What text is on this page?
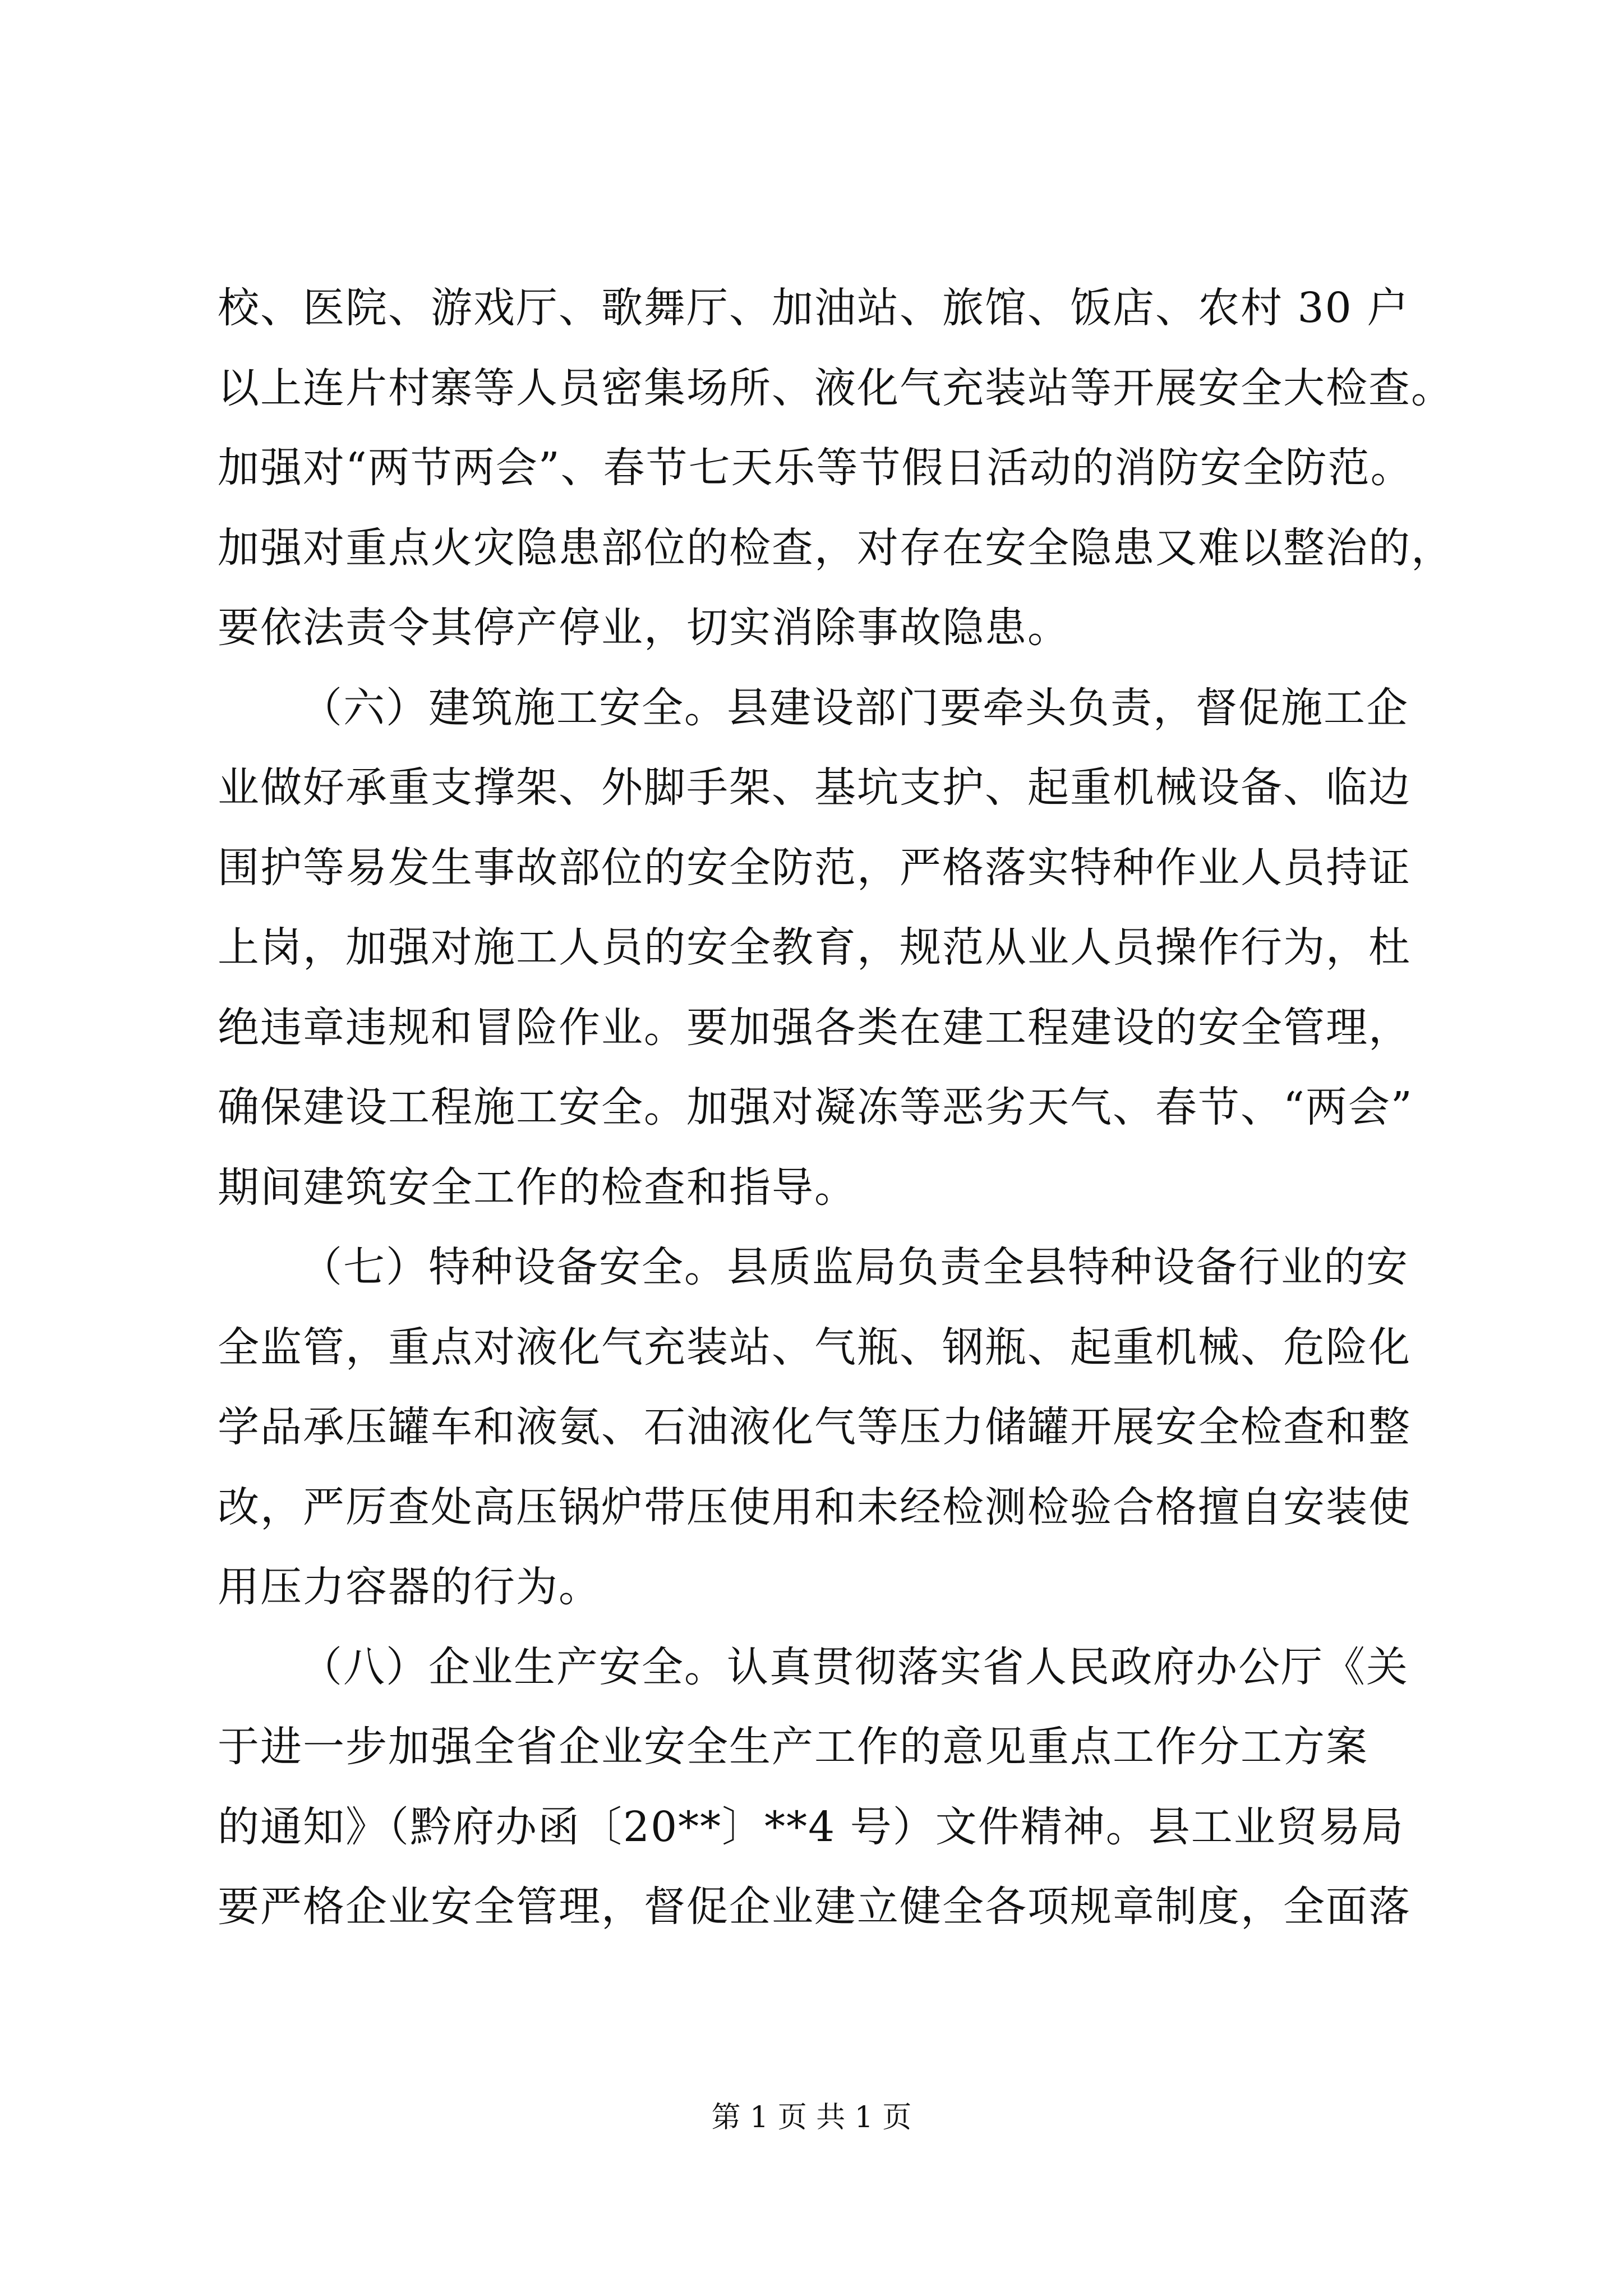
校、医院、游戏厅、歌舞厅、加油站、旅馆、饭店、农村 30 户
以上连片村寨等人员密集场所、液化气充装站等开展安全大检查。
加强对“两节两会”、春节七天乐等节假日活动的消防安全防范。
加强对重点火灾隐患部位的检查，对存在安全隐患又难以整治的，
要依法责令其停产停业，切实消除事故隐患。
（六）建筑施工安全。县建设部门要牵头负责，督促施工企
业做好承重支撑架、外脚手架、基坑支护、起重机械设备、临边
围护等易发生事故部位的安全防范，严格落实特种作业人员持证
上岗，加强对施工人员的安全教育，规范从业人员操作行为，杜
绝违章违规和冒险作业。要加强各类在建工程建设的安全管理，
确保建设工程施工安全。加强对凝冻等恶劣天气、春节、“两会”
期间建筑安全工作的检查和指导。
（七）特种设备安全。县质监局负责全县特种设备行业的安
全监管，重点对液化气充装站、气瓶、钢瓶、起重机械、危险化
学品承压罐车和液氨、石油液化气等压力储罐开展安全检查和整
改，严厉查处高压锅炉带压使用和未经检测检验合格擅自安装使
用压力容器的行为。
（八）企业生产安全。认真贯彻落实省人民政府办公厅《关
于进一步加强全省企业安全生产工作的意见重点工作分工方案
的通知》（黔府办函〔20**〕**4 号）文件精神。县工业贸易局
要严格企业安全管理，督促企业建立健全各项规章制度，全面落
第 1 页 共 1 页
